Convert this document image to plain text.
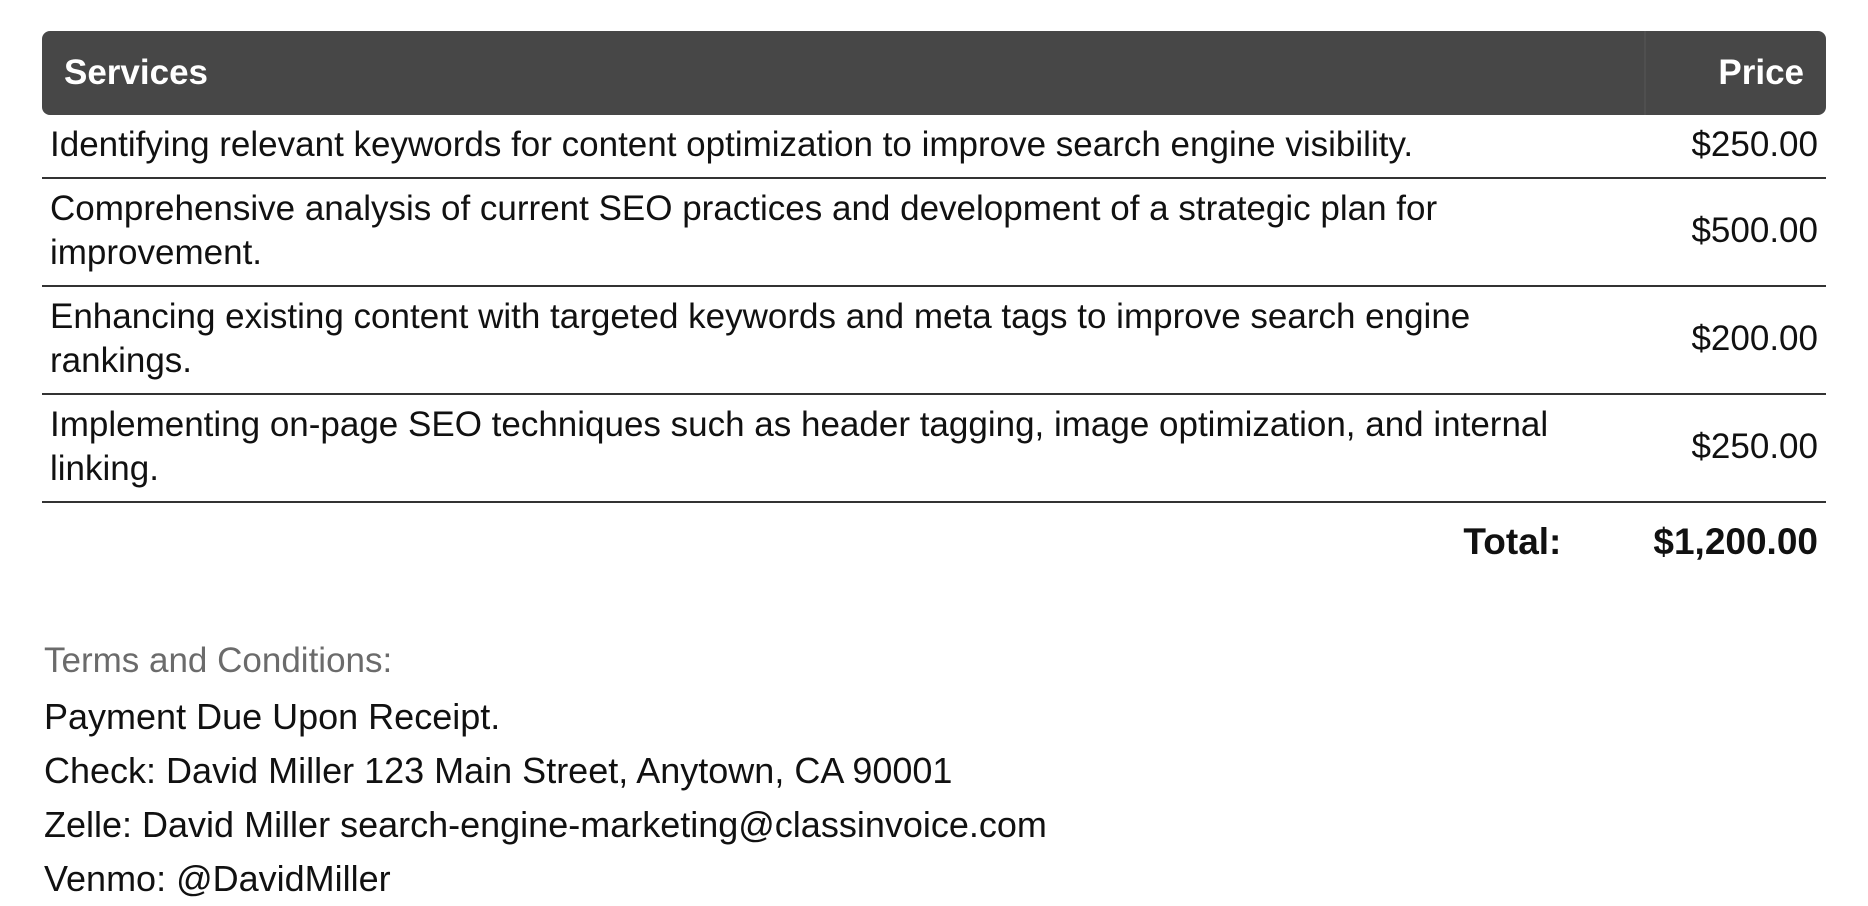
Services	Price
Identifying relevant keywords for content optimization to improve search engine visibility.	$250.00
Comprehensive analysis of current SEO practices and development of a strategic plan for improvement.	$500.00
Enhancing existing content with targeted keywords and meta tags to improve search engine rankings.	$200.00
Implementing on-page SEO techniques such as header tagging, image optimization, and internal linking.	$250.00
Total:	$1,200.00

Terms and Conditions:

Payment Due Upon Receipt.

Check: David Miller 123 Main Street, Anytown, CA 90001

Zelle: David Miller search-engine-marketing@classinvoice.com

Venmo: @DavidMiller
